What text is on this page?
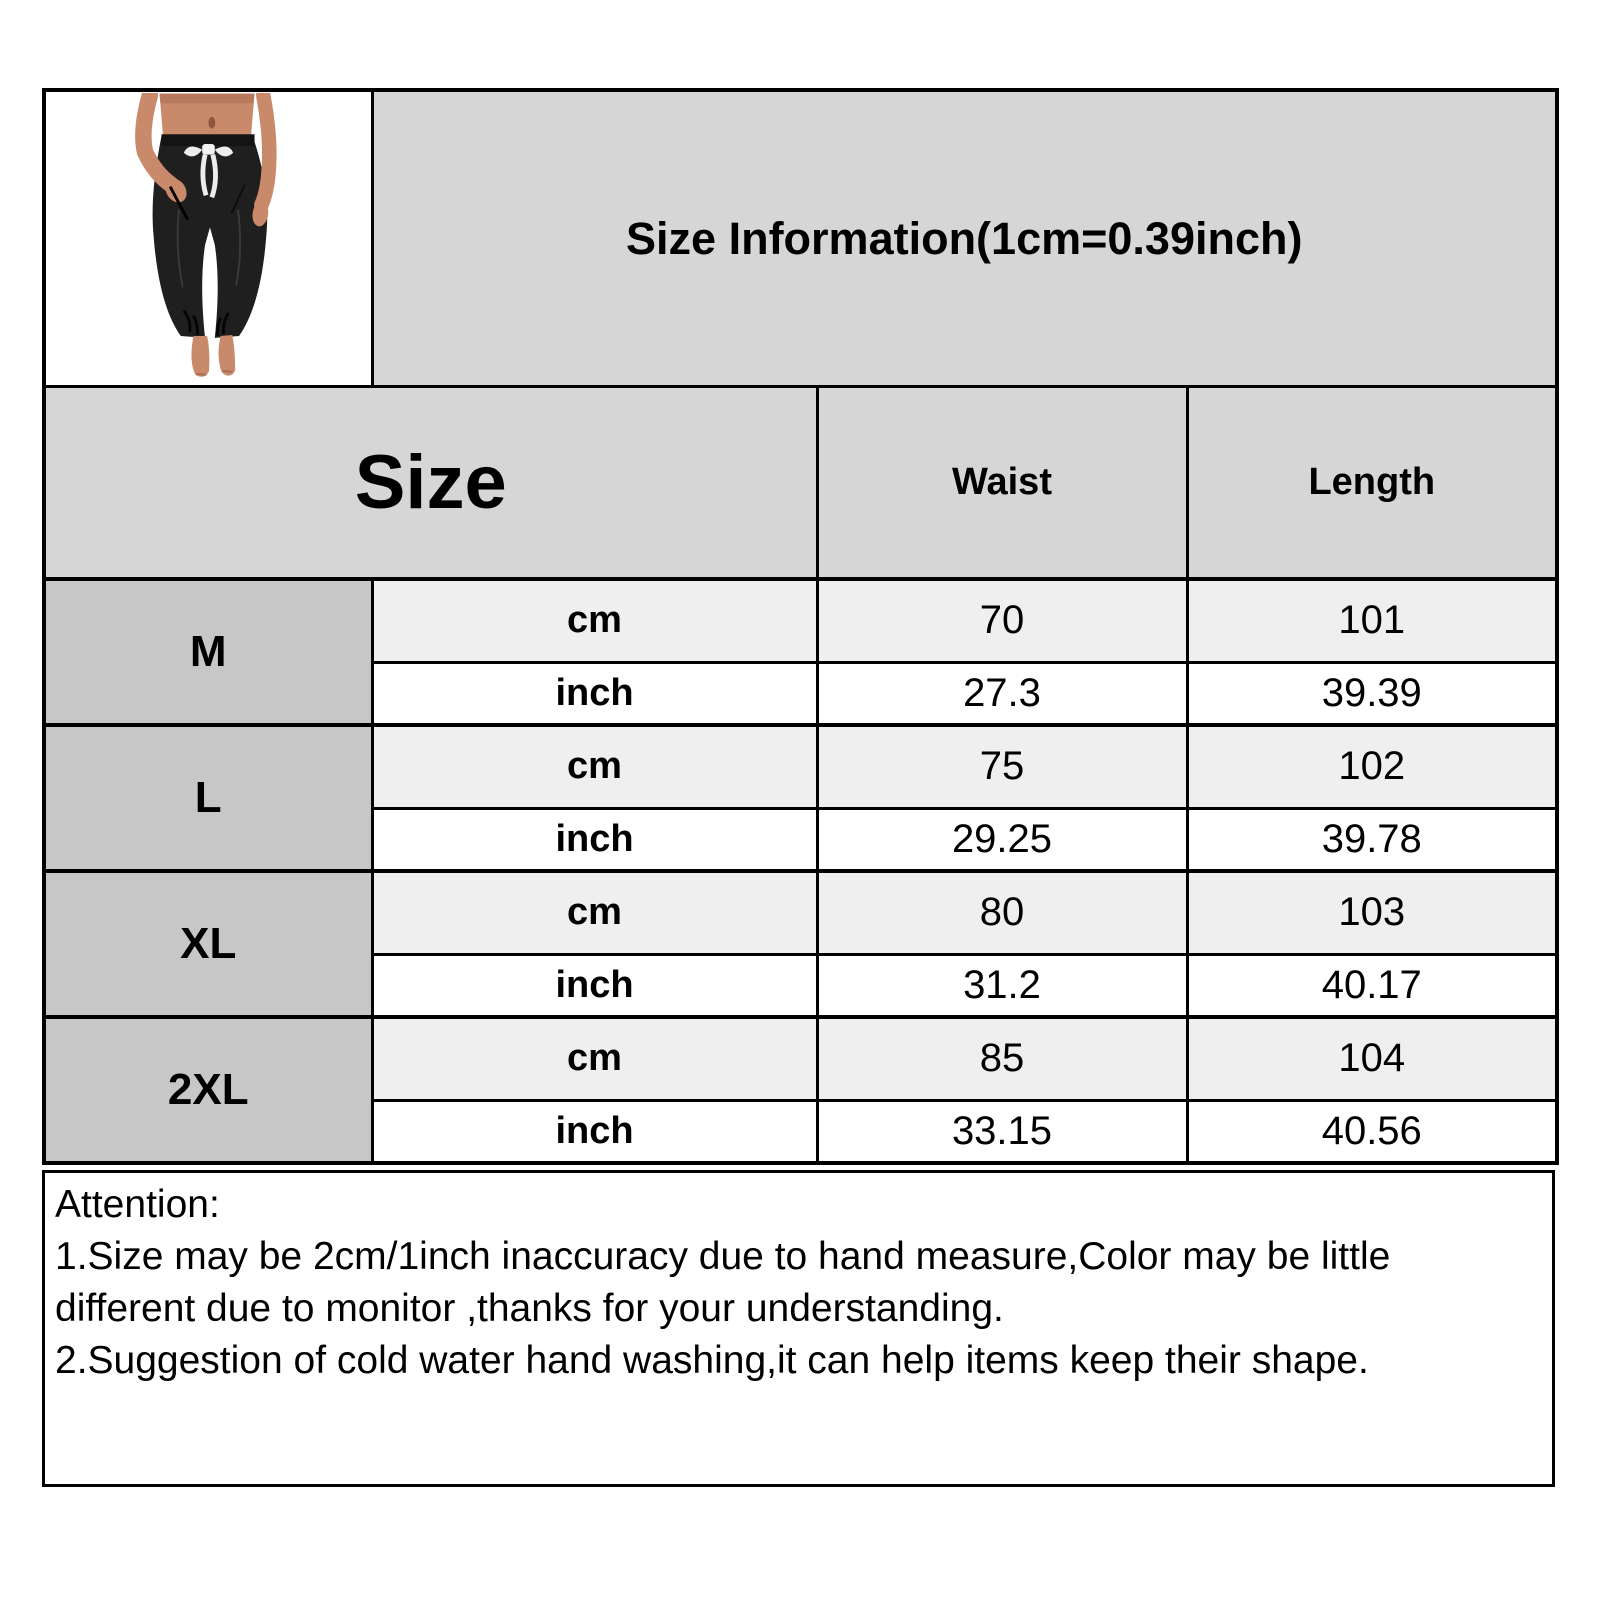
	Size Information(1cm=0.39inch)		
Size		Waist	Length
M	cm	70	101
	inch	27.3	39.39
L	cm	75	102
	inch	29.25	39.78
XL	cm	80	103
	inch	31.2	40.17
2XL	cm	85	104
	inch	33.15	40.56
Attention:
1.Size may be 2cm/1inch inaccuracy due to hand measure,Color may be little
different due to monitor ,thanks for your understanding.
2.Suggestion of cold water hand washing,it can help items keep their shape.
